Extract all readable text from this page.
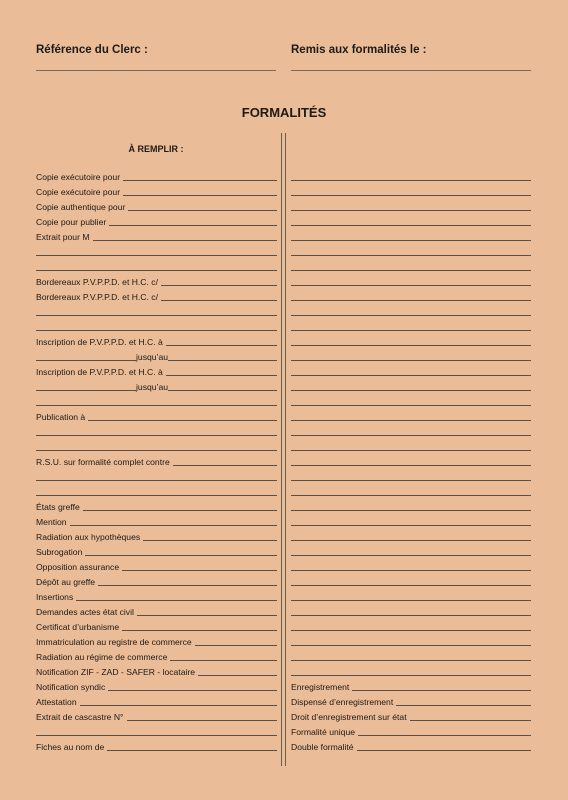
Référence du Clerc :	Remis aux formalités le :
FORMALITÉS
À REMPLIR :
Copie exécutoire pour
Copie exécutoire pour
Copie authentique pour
Copie pour publier
Extrait pour M
Bordereaux P.V.P.P.D. et H.C. c/
Bordereaux P.V.P.P.D. et H.C. c/
Inscription de P.V.P.P.D. et H.C. à
jusqu’au
Inscription de P.V.P.P.D. et H.C. à
jusqu’au
Publication à
R.S.U. sur formalité complet contre
États greffe
Mention
Radiation aux hypothèques
Subrogation
Opposition assurance
Dépôt au greffe
Insertions
Demandes actes état civil
Certificat d’urbanisme
Immatriculation au registre de commerce
Radiation au régime de commerce
Notification ZIF - ZAD - SAFER - locataire
Notification syndic
Attestation
Extrait de cascastre N°
Fiches au nom de
Enregistrement
Dispensé d’enregistrement
Droit d’enregistrement sur état
Formalité unique
Double formalité
